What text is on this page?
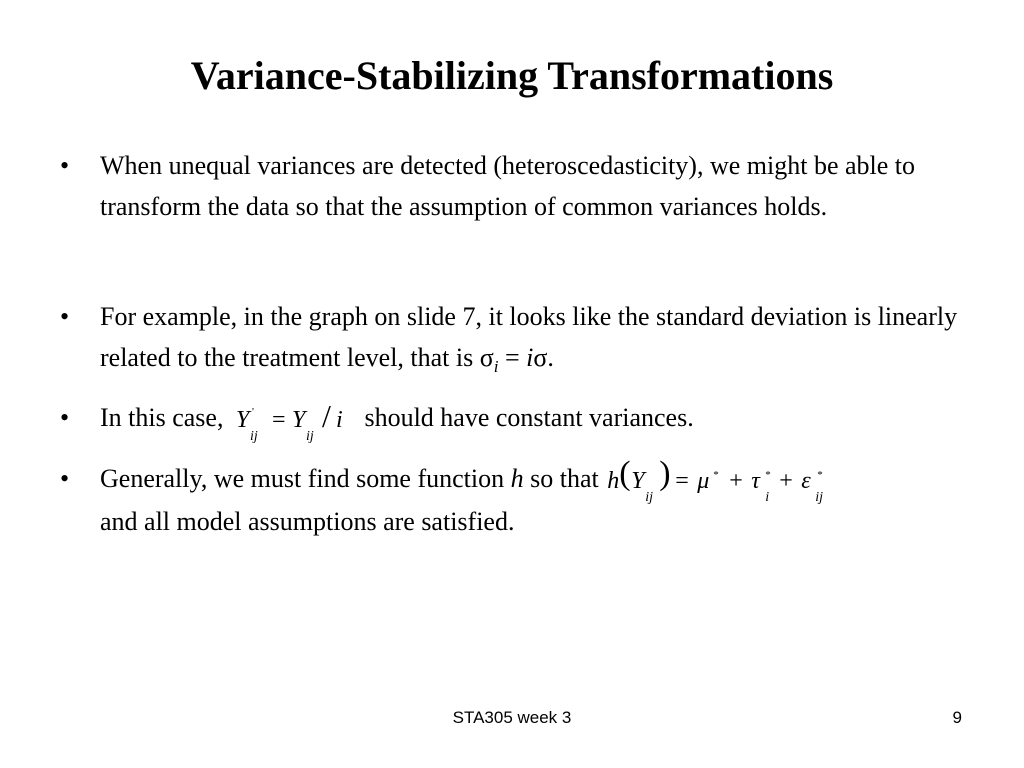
Variance-Stabilizing Transformations
•	When unequal variances are detected (heteroscedasticity), we might be able to transform the data so that the assumption of common variances holds.
•	For example, in the graph on slide 7, it looks like the standard deviation is linearly related to the treatment level, that is $\sigma_i = i\sigma$.
•	In this case, Y '
ij
= Y
ij
/ i should have constant variances.
•	Generally, we must find some function h so that h ( Y
ij
) = μ * + τ *
i
+ ε *
ij

and all model assumptions are satisfied.
STA305 week 3	9
